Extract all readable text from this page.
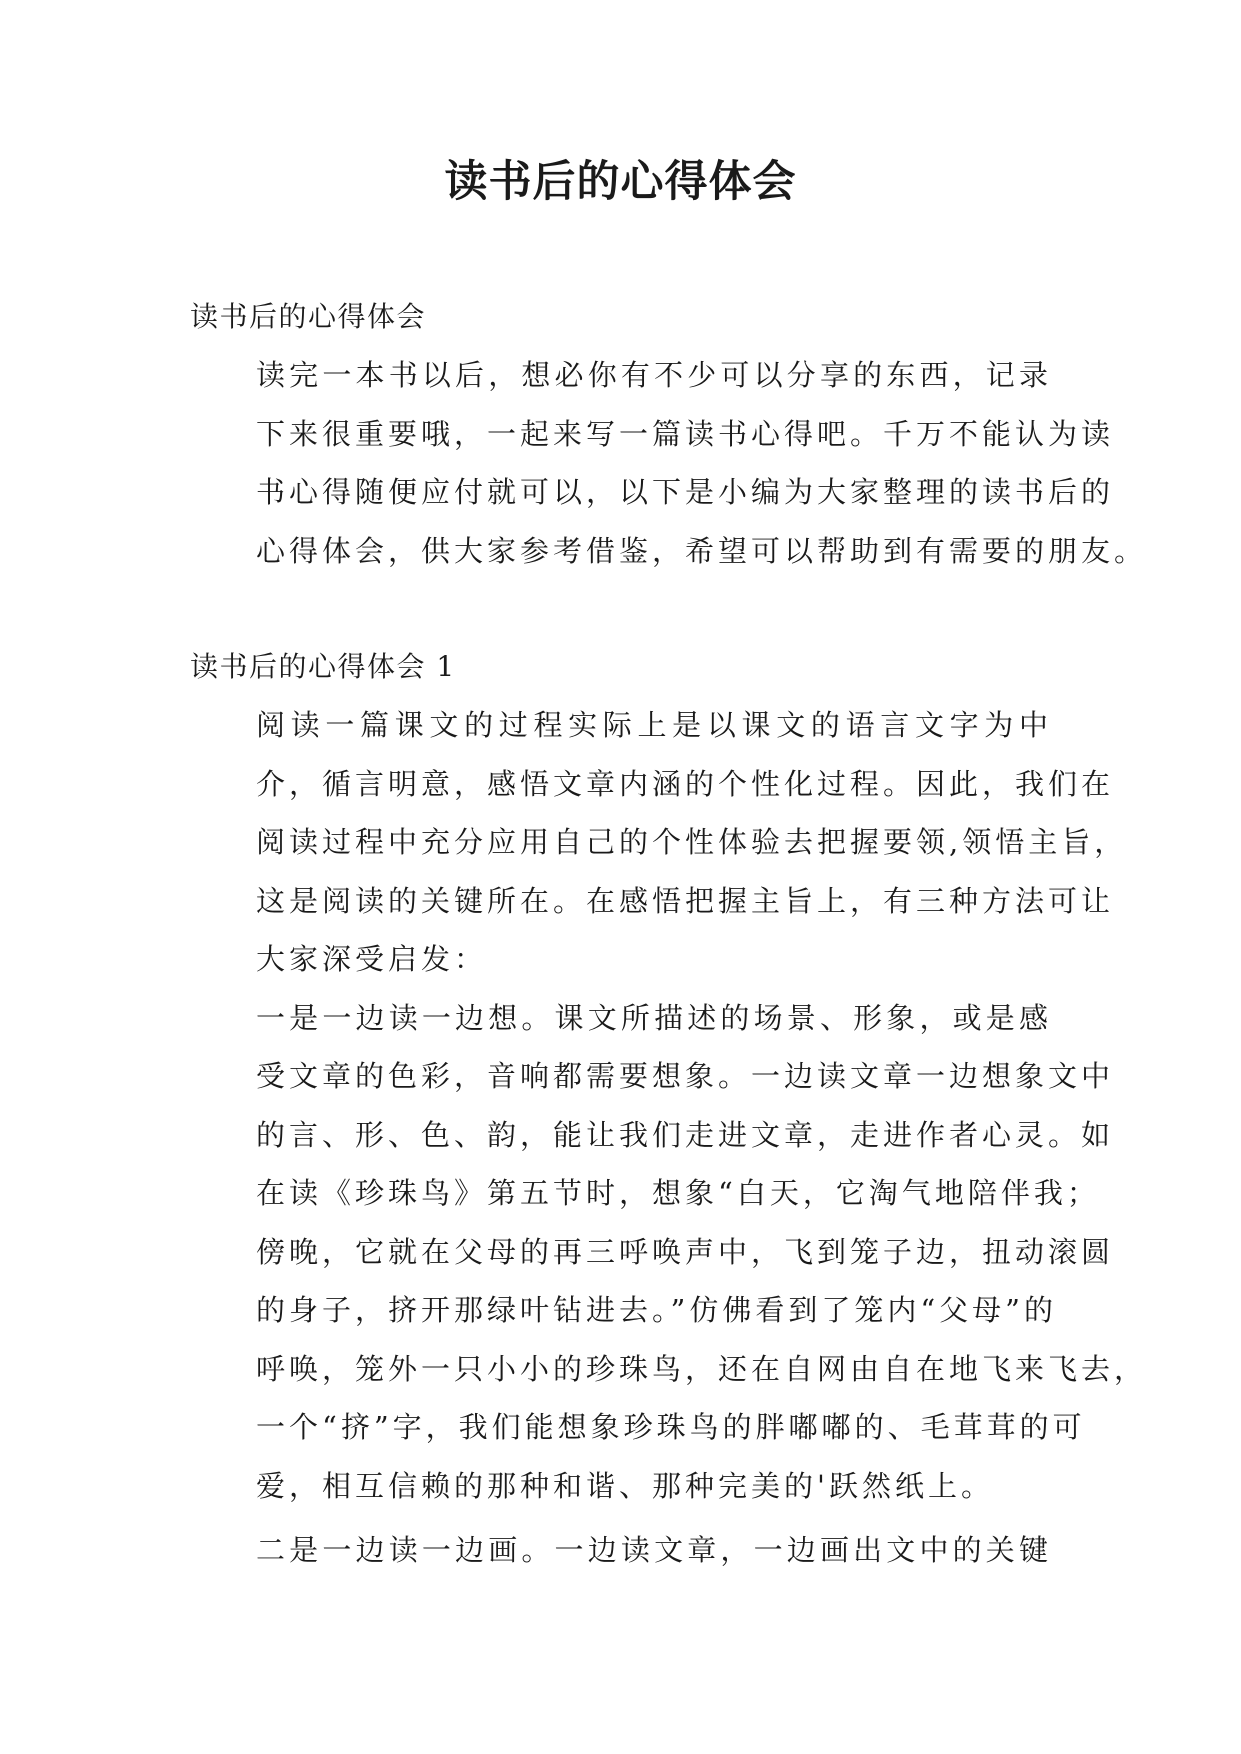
读书后的心得体会

读书后的心得体会

读完一本书以后，想必你有不少可以分享的东西，记录
下来很重要哦，一起来写一篇读书心得吧。千万不能认为读
书心得随便应付就可以，以下是小编为大家整理的读书后的
心得体会，供大家参考借鉴，希望可以帮助到有需要的朋友。

读书后的心得体会 1

阅读一篇课文的过程实际上是以课文的语言文字为中
介，循言明意，感悟文章内涵的个性化过程。因此，我们在
阅读过程中充分应用自己的个性体验去把握要领,领悟主旨，
这是阅读的关键所在。在感悟把握主旨上，有三种方法可让
大家深受启发：

一是一边读一边想。课文所描述的场景、形象，或是感
受文章的色彩，音响都需要想象。一边读文章一边想象文中
的言、形、色、韵，能让我们走进文章，走进作者心灵。如
在读《珍珠鸟》第五节时，想象“白天，它淘气地陪伴我；
傍晚，它就在父母的再三呼唤声中，飞到笼子边，扭动滚圆
的身子，挤开那绿叶钻进去。”仿佛看到了笼内“父母”的
呼唤，笼外一只小小的珍珠鸟，还在自网由自在地飞来飞去，
一个“挤”字，我们能想象珍珠鸟的胖嘟嘟的、毛茸茸的可
爱，相互信赖的那种和谐、那种完美的'跃然纸上。

二是一边读一边画。一边读文章，一边画出文中的关键
